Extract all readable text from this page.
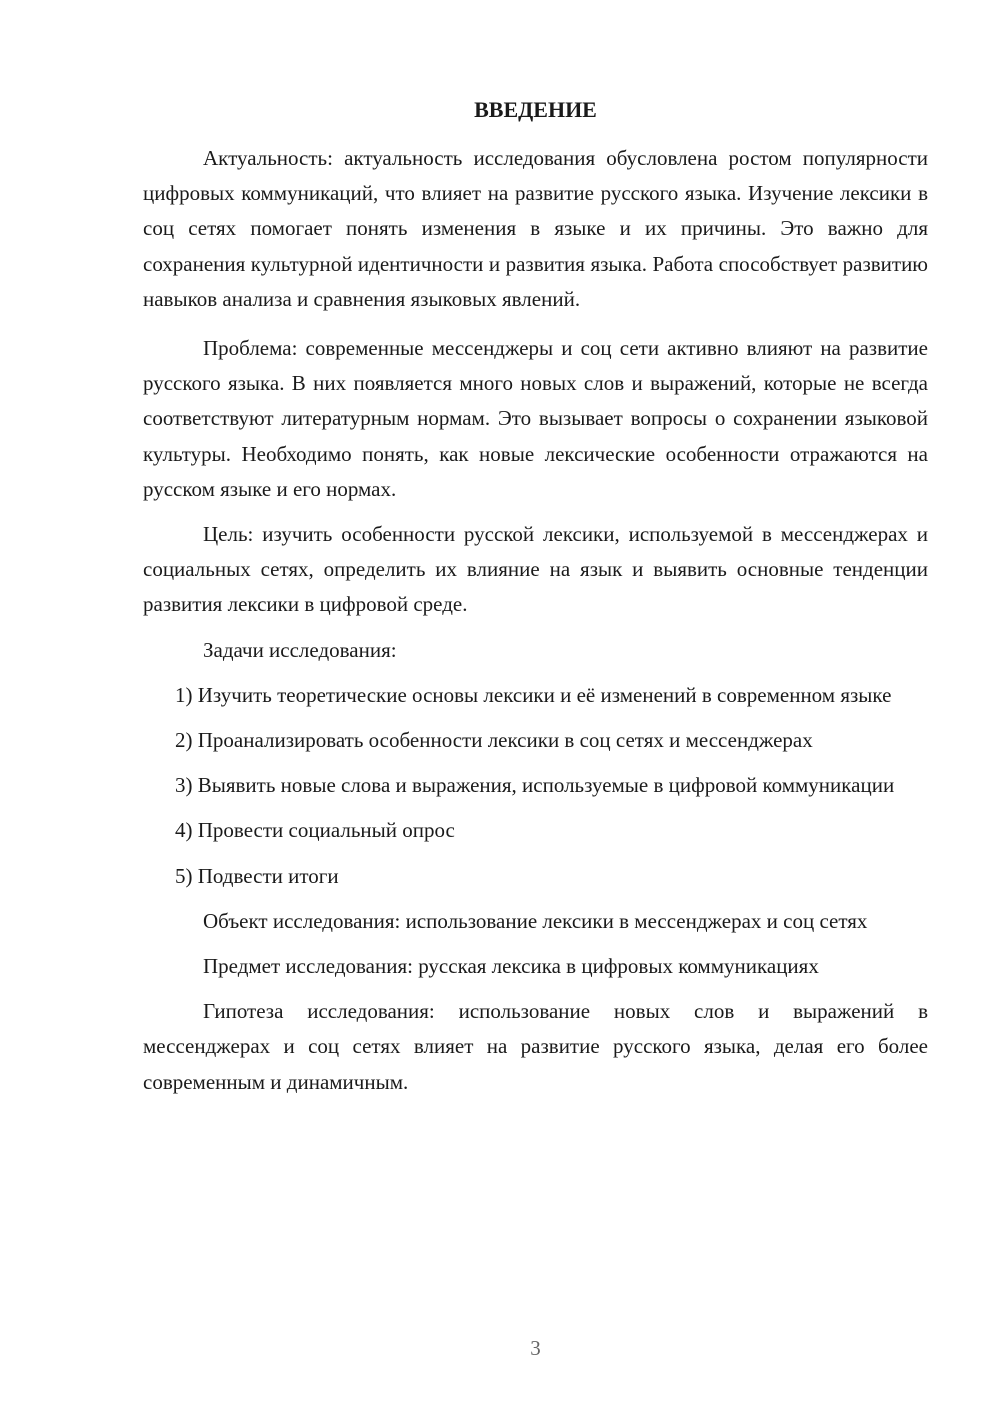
ВВЕДЕНИЕ

Актуальность: актуальность исследования обусловлена ростом популярности цифровых коммуникаций, что влияет на развитие русского языка. Изучение лексики в соц сетях помогает понять изменения в языке и их причины. Это важно для сохранения культурной идентичности и развития языка. Работа способствует развитию навыков анализа и сравнения языковых явлений.

Проблема: современные мессенджеры и соц сети активно влияют на развитие русского языка. В них появляется много новых слов и выражений, которые не всегда соответствуют литературным нормам. Это вызывает вопросы о сохранении языковой культуры. Необходимо понять, как новые лексические особенности отражаются на русском языке и его нормах.

Цель: изучить особенности русской лексики, используемой в мессенджерах и социальных сетях, определить их влияние на язык и выявить основные тенденции развития лексики в цифровой среде.

Задачи исследования:

1) Изучить теоретические основы лексики и её изменений в современном языке

2) Проанализировать особенности лексики в соц сетях и мессенджерах

3) Выявить новые слова и выражения, используемые в цифровой коммуникации

4) Провести социальный опрос

5) Подвести итоги

Объект исследования: использование лексики в мессенджерах и соц сетях

Предмет исследования: русская лексика в цифровых коммуникациях

Гипотеза исследования: использование новых слов и выражений в мессенджерах и соц сетях влияет на развитие русского языка, делая его более современным и динамичным.

3
